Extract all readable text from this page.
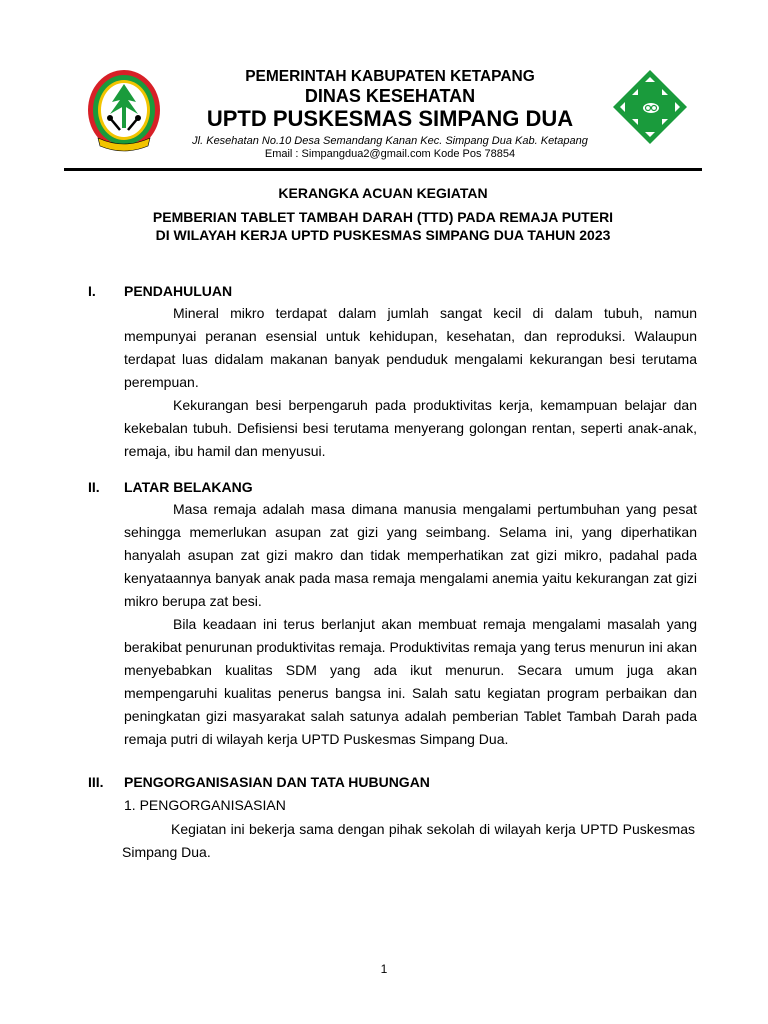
PEMERINTAH KABUPATEN KETAPANG
DINAS KESEHATAN
UPTD PUSKESMAS SIMPANG DUA
Jl. Kesehatan No.10 Desa Semandang Kanan Kec. Simpang Dua Kab. Ketapang
Email : Simpangdua2@gmail.com Kode Pos 78854
KERANGKA ACUAN KEGIATAN
PEMBERIAN TABLET TAMBAH DARAH (TTD) PADA REMAJA PUTERI
DI WILAYAH KERJA UPTD PUSKESMAS SIMPANG DUA TAHUN 2023
I. PENDAHULUAN
Mineral mikro terdapat dalam jumlah sangat kecil di dalam tubuh, namun mempunyai peranan esensial untuk kehidupan, kesehatan, dan reproduksi. Walaupun terdapat luas didalam makanan banyak penduduk mengalami kekurangan besi terutama perempuan.
Kekurangan besi berpengaruh pada produktivitas kerja, kemampuan belajar dan kekebalan tubuh. Defisiensi besi terutama menyerang golongan rentan, seperti anak-anak, remaja, ibu hamil dan menyusui.
II. LATAR BELAKANG
Masa remaja adalah masa dimana manusia mengalami pertumbuhan yang pesat sehingga memerlukan asupan zat gizi yang seimbang. Selama ini, yang diperhatikan hanyalah asupan zat gizi makro dan tidak memperhatikan zat gizi mikro, padahal pada kenyataannya banyak anak pada masa remaja mengalami anemia yaitu kekurangan zat gizi mikro berupa zat besi.
Bila keadaan ini terus berlanjut akan membuat remaja mengalami masalah yang berakibat penurunan produktivitas remaja. Produktivitas remaja yang terus menurun ini akan menyebabkan kualitas SDM yang ada ikut menurun. Secara umum juga akan mempengaruhi kualitas penerus bangsa ini. Salah satu kegiatan program perbaikan dan peningkatan gizi masyarakat salah satunya adalah pemberian Tablet Tambah Darah pada remaja putri di wilayah kerja UPTD Puskesmas Simpang Dua.
III. PENGORGANISASIAN DAN TATA HUBUNGAN
1. PENGORGANISASIAN
Kegiatan ini bekerja sama dengan pihak sekolah di wilayah kerja UPTD Puskesmas Simpang Dua.
1
